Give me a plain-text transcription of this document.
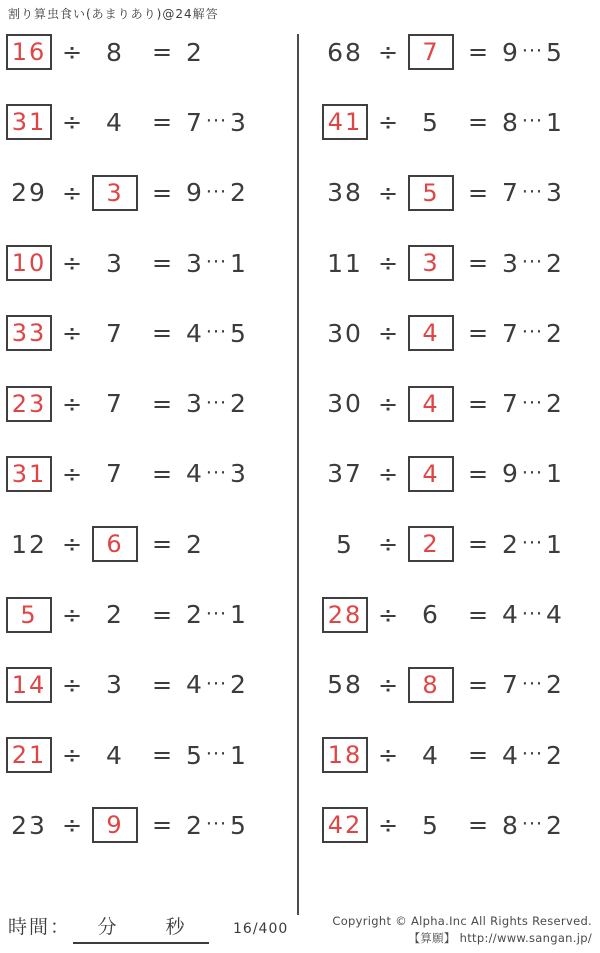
割り算虫食い(あまりあり)@24解答
16 ÷ 8	= 2
31 ÷ 4	= 7 ··· 3
29 ÷ 3	= 9 ··· 2
10 ÷ 3	= 3 ··· 1
33 ÷ 7	= 4 ··· 5
23 ÷ 7	= 3 ··· 2
31 ÷ 7	= 4 ··· 3
12 ÷ 6	= 2
5 ÷ 2	= 2 ··· 1
14 ÷ 3	= 4 ··· 2
21 ÷ 4	= 5 ··· 1
23 ÷ 9	= 2 ··· 5
68 ÷ 7	= 9 ··· 5
41 ÷ 5	= 8 ··· 1
38 ÷ 5	= 7 ··· 3
11 ÷ 3	= 3 ··· 2
30 ÷ 4	= 7 ··· 2
30 ÷ 4	= 7 ··· 2
37 ÷ 4	= 9 ··· 1
5 ÷ 2	= 2 ··· 1
28 ÷ 6	= 4 ··· 4
58 ÷ 8	= 7 ··· 2
18 ÷ 4	= 4 ··· 2
42 ÷ 5	= 8 ··· 2
時間： 分	秒	16/400	Copyright © Alpha.Inc All Rights Reserved.
【算願】 http://www.sangan.jp/
